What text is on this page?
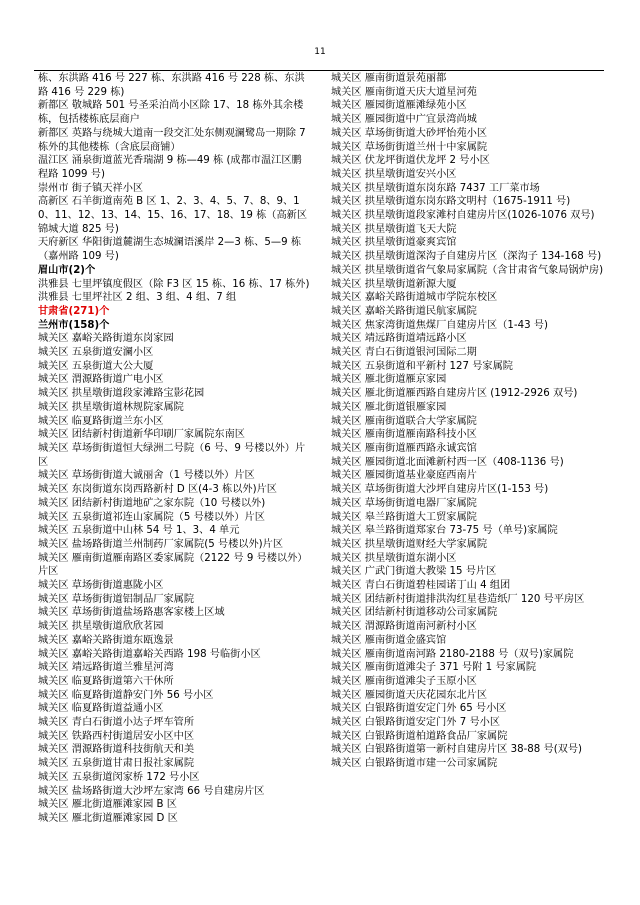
11

栋、东洪路 416 号 227 栋、东洪路 416 号 228 栋、东洪路 416 号 229 栋)

新都区 敬城路 501 号圣采泊尚小区除 17、18 栋外其余楼栋，包括楼栋底层商户

新都区 英路与绕城大道南一段交汇处东侧观澜鹭岛一期除 7 栋外的其他楼栋（含底层商铺）

温江区 涌泉街道蓝光香瑞湖 9 栋—49 栋 (成都市温江区鹏程路 1099 号)

崇州市 街子镇天祥小区

高新区 石羊街道南苑 B 区 1、2、3、4、5、7、8、9、10、11、12、13、14、15、16、17、18、19 栋（高新区锦城大道 825 号)

天府新区 华阳街道麓湖生态城澜语溪岸 2—3 栋、5—9 栋（嘉州路 109 号)

眉山市(2)个

洪雅县 七里坪镇度假区（除 F3 区 15 栋、16 栋、17 栋外)

洪雅县 七里坪社区 2 组、3 组、4 组、7 组

甘肃省(271)个

兰州市(158)个

城关区 嘉峪关路街道东岗家园

城关区 五泉街道安澜小区

城关区 五泉街道大公大厦

城关区 渭源路街道广电小区

城关区 拱星墩街道段家滩路宝影花园

城关区 拱星墩街道林规院家属院

城关区 临夏路街道兰东小区

城关区 团结新村街道新华印刷厂家属院东南区

城关区 草场街街道恒大绿洲二号院（6 号、9 号楼以外）片区

城关区 草场街街道大诚丽舍（1 号楼以外）片区

城关区 东岗街道东岗西路新村 D 区(4-3 栋以外)片区

城关区 团结新村街道地矿之家东院（10 号楼以外)

城关区 五泉街道祁连山家属院（5 号楼以外）片区

城关区 五泉街道中山林 54 号 1、3、4 单元

城关区 盐场路街道兰州制药厂家属院(5 号楼以外)片区

城关区 雁南街道雁南路区委家属院（2122 号 9 号楼以外）片区

城关区 草场街街道惠陇小区

城关区 草场街街道铝制品厂家属院

城关区 草场街街道盐场路惠客家楼上区域

城关区 拱星墩街道欣欣茗园

城关区 嘉峪关路街道东瓯逸景

城关区 嘉峪关路街道嘉峪关西路 198 号临街小区

城关区 靖远路街道兰雅星河湾

城关区 临夏路街道第六干休所

城关区 临夏路街道静安门外 56 号小区

城关区 临夏路街道益通小区

城关区 青白石街道小达子坪车管所

城关区 铁路西村街道居安小区中区

城关区 渭源路街道科技街航天和美

城关区 五泉街道甘肃日报社家属院

城关区 五泉街道闵家桥 172 号小区

城关区 盐场路街道大沙坪左家湾 66 号自建房片区

城关区 雁北街道雁滩家园 B 区

城关区 雁北街道雁滩家园 D 区

城关区 雁南街道景苑丽都

城关区 雁南街道天庆大道星河苑

城关区 雁园街道雁滩绿苑小区

城关区 雁园街道中广宜景湾尚城

城关区 草场街街道大砂坪怡苑小区

城关区 草场街街道兰州十中家属院

城关区 伏龙坪街道伏龙坪 2 号小区

城关区 拱星墩街道安兴小区

城关区 拱星墩街道东岗东路 7437 工厂菜市场

城关区 拱星墩街道东岗东路文明村（1675-1911 号)

城关区 拱星墩街道段家滩村自建房片区(1026-1076 双号)

城关区 拱星墩街道飞天大院

城关区 拱星墩街道豪爽宾馆

城关区 拱星墩街道深沟子自建房片区（深沟子 134-168 号)

城关区 拱星墩街道省气象局家属院（含甘肃省气象局锅炉房)

城关区 拱星墩街道新源大厦

城关区 嘉峪关路街道城市学院东校区

城关区 嘉峪关路街道民航家属院

城关区 焦家湾街道焦煤厂自建房片区（1-43 号)

城关区 靖远路街道靖远路小区

城关区 青白石街道银河国际二期

城关区 五泉街道和平新村 127 号家属院

城关区 雁北街道雁京家园

城关区 雁北街道雁西路自建房片区 (1912-2926 双号)

城关区 雁北街道银雁家园

城关区 雁南街道联合大学家属院

城关区 雁南街道雁南路科技小区

城关区 雁南街道雁西路永诚宾馆

城关区 雁园街道北面滩新村西一区（408-1136 号)

城关区 雁园街道基业豪庭西南片

城关区 草场街街道大沙坪自建房片区(1-153 号)

城关区 草场街街道电器厂家属院

城关区 皋兰路街道大工贸家属院

城关区 皋兰路街道郑家台 73-75 号（单号)家属院

城关区 拱星墩街道财经大学家属院

城关区 拱星墩街道东湖小区

城关区 广武门街道大教梁 15 号片区

城关区 青白石街道碧桂园诺丁山 4 组团

城关区 团结新村街道排洪沟红星巷造纸厂 120 号平房区

城关区 团结新村街道移动公司家属院

城关区 渭源路街道南河新村小区

城关区 雁南街道金盛宾馆

城关区 雁南街道南河路 2180-2188 号（双号)家属院

城关区 雁南街道滩尖子 371 号附 1 号家属院

城关区 雁南街道滩尖子玉原小区

城关区 雁园街道天庆花园东北片区

城关区 白银路街道安定门外 65 号小区

城关区 白银路街道安定门外 7 号小区

城关区 白银路街道柏道路食品厂家属院

城关区 白银路街道第一新村自建房片区 38-88 号(双号)

城关区 白银路街道市建一公司家属院
